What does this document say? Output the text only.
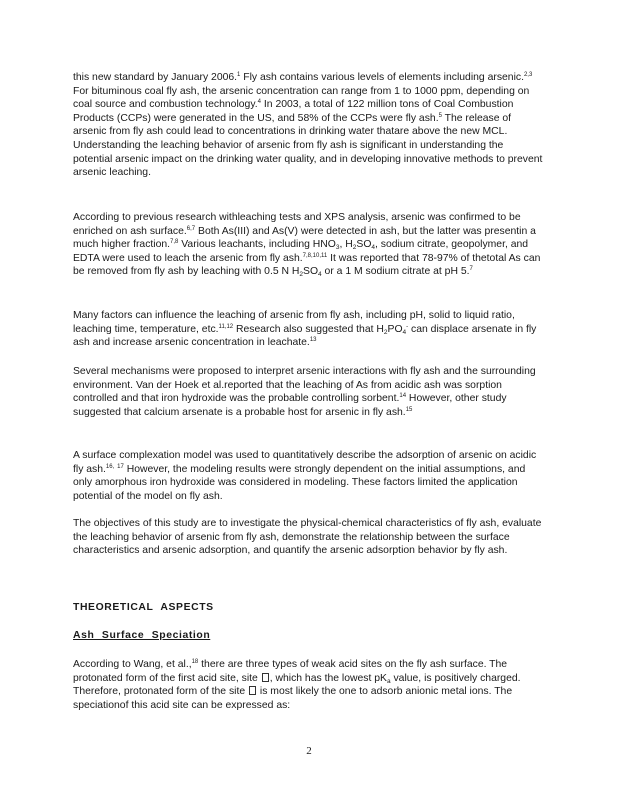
this new standard by January 2006.$^1$ Fly ash contains various levels of elements including arsenic.$^{2,3}$ For bituminous coal fly ash, the arsenic concentration can range from 1 to 1000 ppm, depending on coal source and combustion technology.$^4$ In 2003, a total of 122 million tons of Coal Combustion Products (CCPs) were generated in the US, and 58% of the CCPs were fly ash.$^5$ The release of arsenic from fly ash could lead to concentrations in drinking water thatare above the new MCL. Understanding the leaching behavior of arsenic from fly ash is significant in understanding the potential arsenic impact on the drinking water quality, and in developing innovative methods to prevent arsenic leaching.

According to previous research withleaching tests and XPS analysis, arsenic was confirmed to be enriched on ash surface.$^{6,7}$ Both As(III) and As(V) were detected in ash, but the latter was presentin a much higher fraction.$^{7,8}$ Various leachants, including $HNO_3$, $H_2SO_4$, sodium citrate, geopolymer, and EDTA were used to leach the arsenic from fly ash.$^{7,8,10,11}$ It was reported that 78-97% of thetotal As can be removed from fly ash by leaching with 0.5 N $H_2SO_4$ or a 1 M sodium citrate at pH 5.$^7$

Many factors can influence the leaching of arsenic from fly ash, including pH, solid to liquid ratio, leaching time, temperature, etc.$^{11,12}$ Research also suggested that $H_2PO_4^-$ can displace arsenate in fly ash and increase arsenic concentration in leachate.$^{13}$

Several mechanisms were proposed to interpret arsenic interactions with fly ash and the surrounding environment. Van der Hoek et al.reported that the leaching of As from acidic ash was sorption controlled and that iron hydroxide was the probable controlling sorbent.$^{14}$ However, other study suggested that calcium arsenate is a probable host for arsenic in fly ash.$^{15}$

A surface complexation model was used to quantitatively describe the adsorption of arsenic on acidic fly ash.$^{16,}$ $^{17}$ However, the modeling results were strongly dependent on the initial assumptions, and only amorphous iron hydroxide was considered in modeling. These factors limited the application potential of the model on fly ash.

The objectives of this study are to investigate the physical-chemical characteristics of fly ash, evaluate the leaching behavior of arsenic from fly ash, demonstrate the relationship between the surface characteristics and arsenic adsorption, and quantify the arsenic adsorption behavior by fly ash.

THEORETICAL ASPECTS
Ash Surface Speciation

According to Wang, et al.,$^{18}$ there are three types of weak acid sites on the fly ash surface. The protonated form of the first acid site, site , which has the lowest $pK_a$ value, is positively charged. Therefore, protonated form of the site  is most likely the one to adsorb anionic metal ions. The speciationof this acid site can be expressed as:

2
